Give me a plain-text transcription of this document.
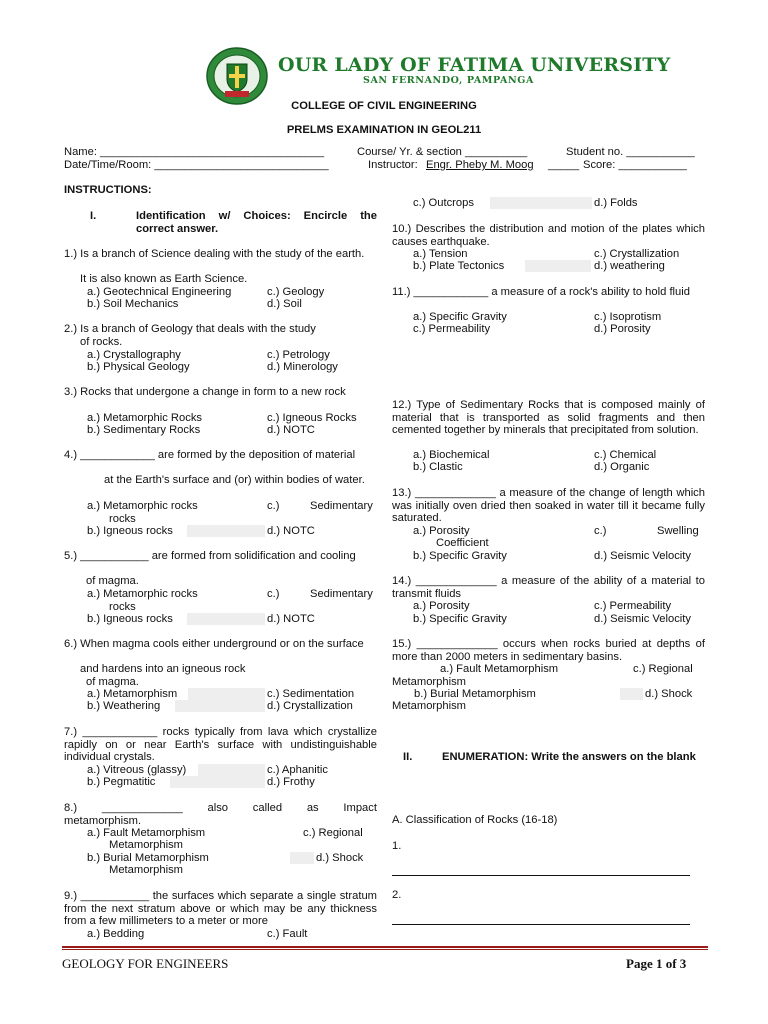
OUR LADY OF FATIMA UNIVERSITY
SAN FERNANDO, PAMPANGA
COLLEGE OF CIVIL ENGINEERING
PRELMS EXAMINATION IN GEOL211
Name: ____________________________________	Course/ Yr. & section __________	Student no. ___________
Date/Time/Room: ____________________________	Instructor: Engr. Pheby M. Moog _____ Score: ___________
INSTRUCTIONS:
I.	Identification w/ Choices: Encircle the correct answer.
1.) Is a branch of Science dealing with the study of the earth.
It is also known as Earth Science.
a.) Geotechnical Engineering	c.) Geology
b.) Soil Mechanics	d.) Soil
2.) Is a branch of Geology that deals with the study
of rocks.
a.) Crystallography	c.) Petrology
b.) Physical Geology	d.) Minerology
3.) Rocks that undergone a change in form to a new rock
a.) Metamorphic Rocks	c.) Igneous Rocks
b.) Sedimentary Rocks	d.) NOTC
4.) ____________ are formed by the deposition of material
at the Earth's surface and (or) within bodies of water.
a.) Metamorphic rocks	c.)	Sedimentary
rocks
b.) Igneous rocks	d.) NOTC
5.) ___________ are formed from solidification and cooling
of magma.
a.) Metamorphic rocks	c.)	Sedimentary
rocks
b.) Igneous rocks	d.) NOTC
6.) When magma cools either underground or on the surface
and hardens into an igneous rock
of magma.
a.) Metamorphism	c.) Sedimentation
b.) Weathering	d.) Crystallization
7.) ____________ rocks typically from lava which crystallize rapidly on or near Earth's surface with undistinguishable individual crystals.
a.) Vitreous (glassy)	c.) Aphanitic
b.) Pegmatitic	d.) Frothy
8.) _____________ also called as Impact metamorphism.
a.) Fault Metamorphism	c.) Regional
Metamorphism
b.) Burial Metamorphism	d.) Shock
Metamorphism
9.) ___________ the surfaces which separate a single stratum from the next stratum above or which may be any thickness from a few millimeters to a meter or more
a.) Bedding	c.) Fault
c.) Outcrops	d.) Folds
10.) Describes the distribution and motion of the plates which causes earthquake.
a.) Tension	c.) Crystallization
b.) Plate Tectonics	d.) weathering
11.) ____________ a measure of a rock's ability to hold fluid
a.) Specific Gravity	c.) Isoprotism
c.) Permeability	d.) Porosity
12.) Type of Sedimentary Rocks that is composed mainly of material that is transported as solid fragments and then cemented together by minerals that precipitated from solution.
a.) Biochemical	c.) Chemical
b.) Clastic	d.) Organic
13.) _____________ a measure of the change of length which was initially oven dried then soaked in water till it became fully saturated.
a.) Porosity	c.)	Swelling
Coefficient
b.) Specific Gravity	d.) Seismic Velocity
14.) _____________ a measure of the ability of a material to transmit fluids
a.) Porosity	c.) Permeability
b.) Specific Gravity	d.) Seismic Velocity
15.) _____________ occurs when rocks buried at depths of more than 2000 meters in sedimentary basins.
a.) Fault Metamorphism	c.) Regional
Metamorphism
b.) Burial Metamorphism	d.) Shock
Metamorphism
II.	ENUMERATION: Write the answers on the blank
A. Classification of Rocks (16-18)
1.
2.
GEOLOGY FOR ENGINEERS	Page 1 of 3
